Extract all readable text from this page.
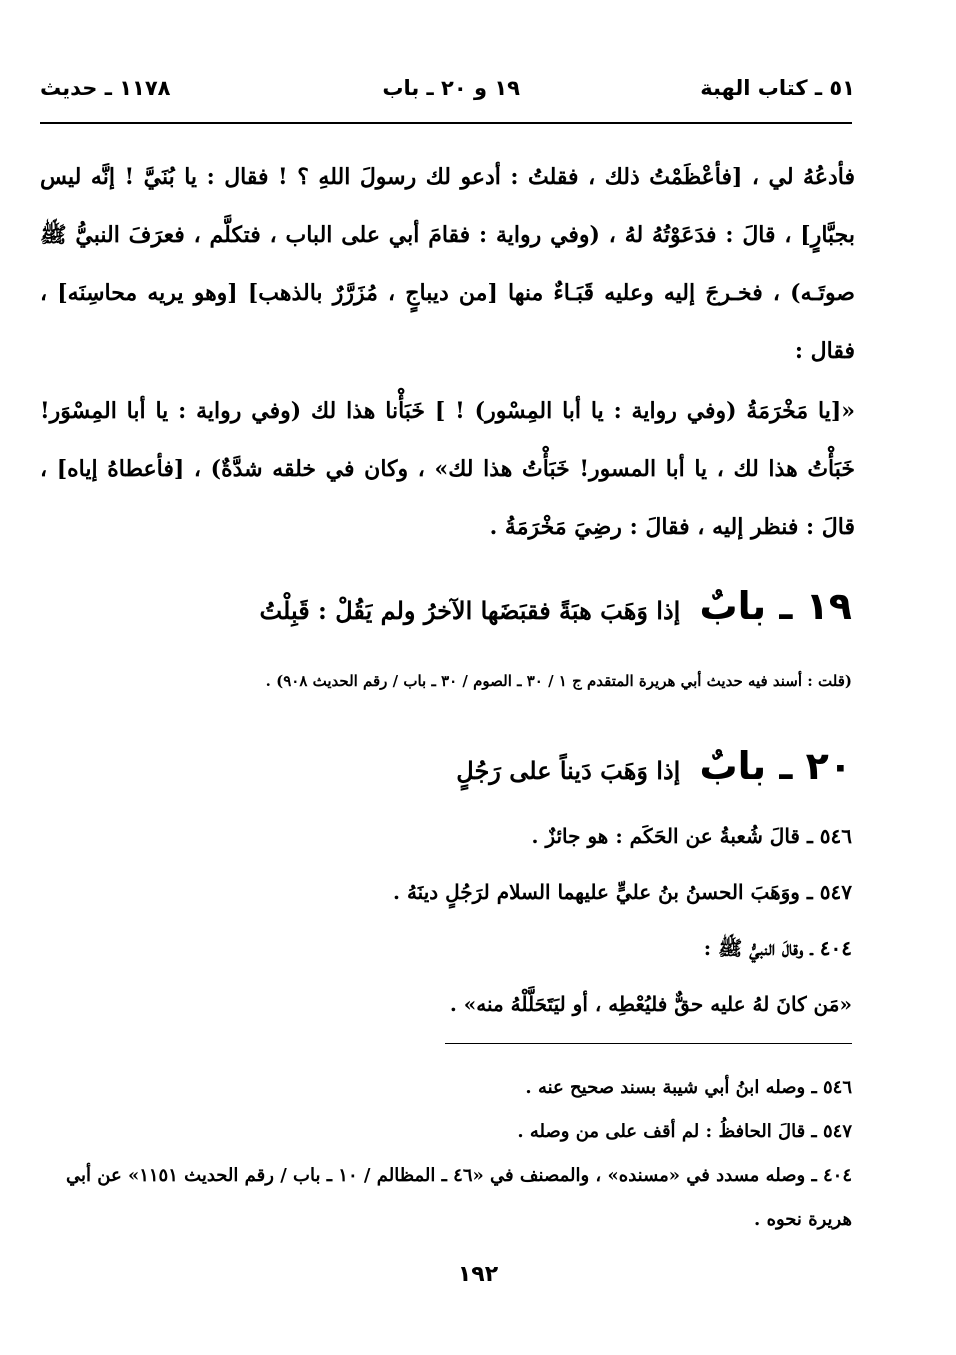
٥١ ـ كتاب الهبة
١٩ و ٢٠ ـ باب
١١٧٨ ـ حديث

فأدعُهُ لي ، [فأعْظَمْتُ ذلك ، فقلتُ : أدعو لك رسولَ اللهِ ؟ ! فقال : يا بُنَيَّ ! إنَّه ليس بجبَّارٍ] ، قالَ : فدَعَوْتُهُ لهُ ، (وفي رواية : فقامَ أبي على الباب ، فتكلَّم ، فعرَفَ النبيُّ ﷺ صوتَـه) ، فخـرجَ إليه وعليه قَبَـاءٌ منها [من ديباجٍ ، مُزَرَّرٌ بالذهب] [وهو يريه محاسِنَه] ، فقال :

«[يا مَخْرَمَةُ (وفي رواية : يا أبا المِسْور) ! ] خَبَأْنا هذا لك (وفي رواية : يا أبا المِسْوَر! خَبَأْتُ هذا لك ، يا أبا المسور! خَبَأْتُ هذا لك» ، وكان في خلقه شدَّةٌ) ، [فأعطاهُ إياه] ، قالَ : فنظر إليه ، فقالَ : رضِيَ مَخْرَمَةُ .

١٩ ـ بابٌ إذا وَهَبَ هبَةً فقبَضَها الآخرُ ولم يَقُلْ : قَبِلْتُ
(قلت : أسند فيه حديث أبي هريرة المتقدم ج ١ / ٣٠ ـ الصوم / ٣٠ ـ باب / رقم الحديث ٩٠٨) .
٢٠ ـ بابٌ إذا وَهَبَ دَيناً على رَجُلٍ
٥٤٦ ـ قالَ شُعبةُ عن الحَكَم : هو جائزٌ .
٥٤٧ ـ ووَهَبَ الحسنُ بنُ عليٍّ عليهما السلام لرَجُلٍ دينَهُ .
٤٠٤ ـ وقالَ النبيُّ ﷺ :
«مَن كانَ لهُ عليه حقٌّ فليُعْطِه ، أو ليَتَحَلَّلْهُ منه» .
٥٤٦ ـ وصله ابنُ أبي شيبة بسند صحيح عنه .
٥٤٧ ـ قالَ الحافظُ : لم أقف على من وصله .
٤٠٤ ـ وصله مسدد في «مسنده» ، والمصنف في «٤٦ ـ المظالم / ١٠ ـ باب / رقم الحديث ١١٥١» عن أبي هريرة نحوه .
١٩٢
